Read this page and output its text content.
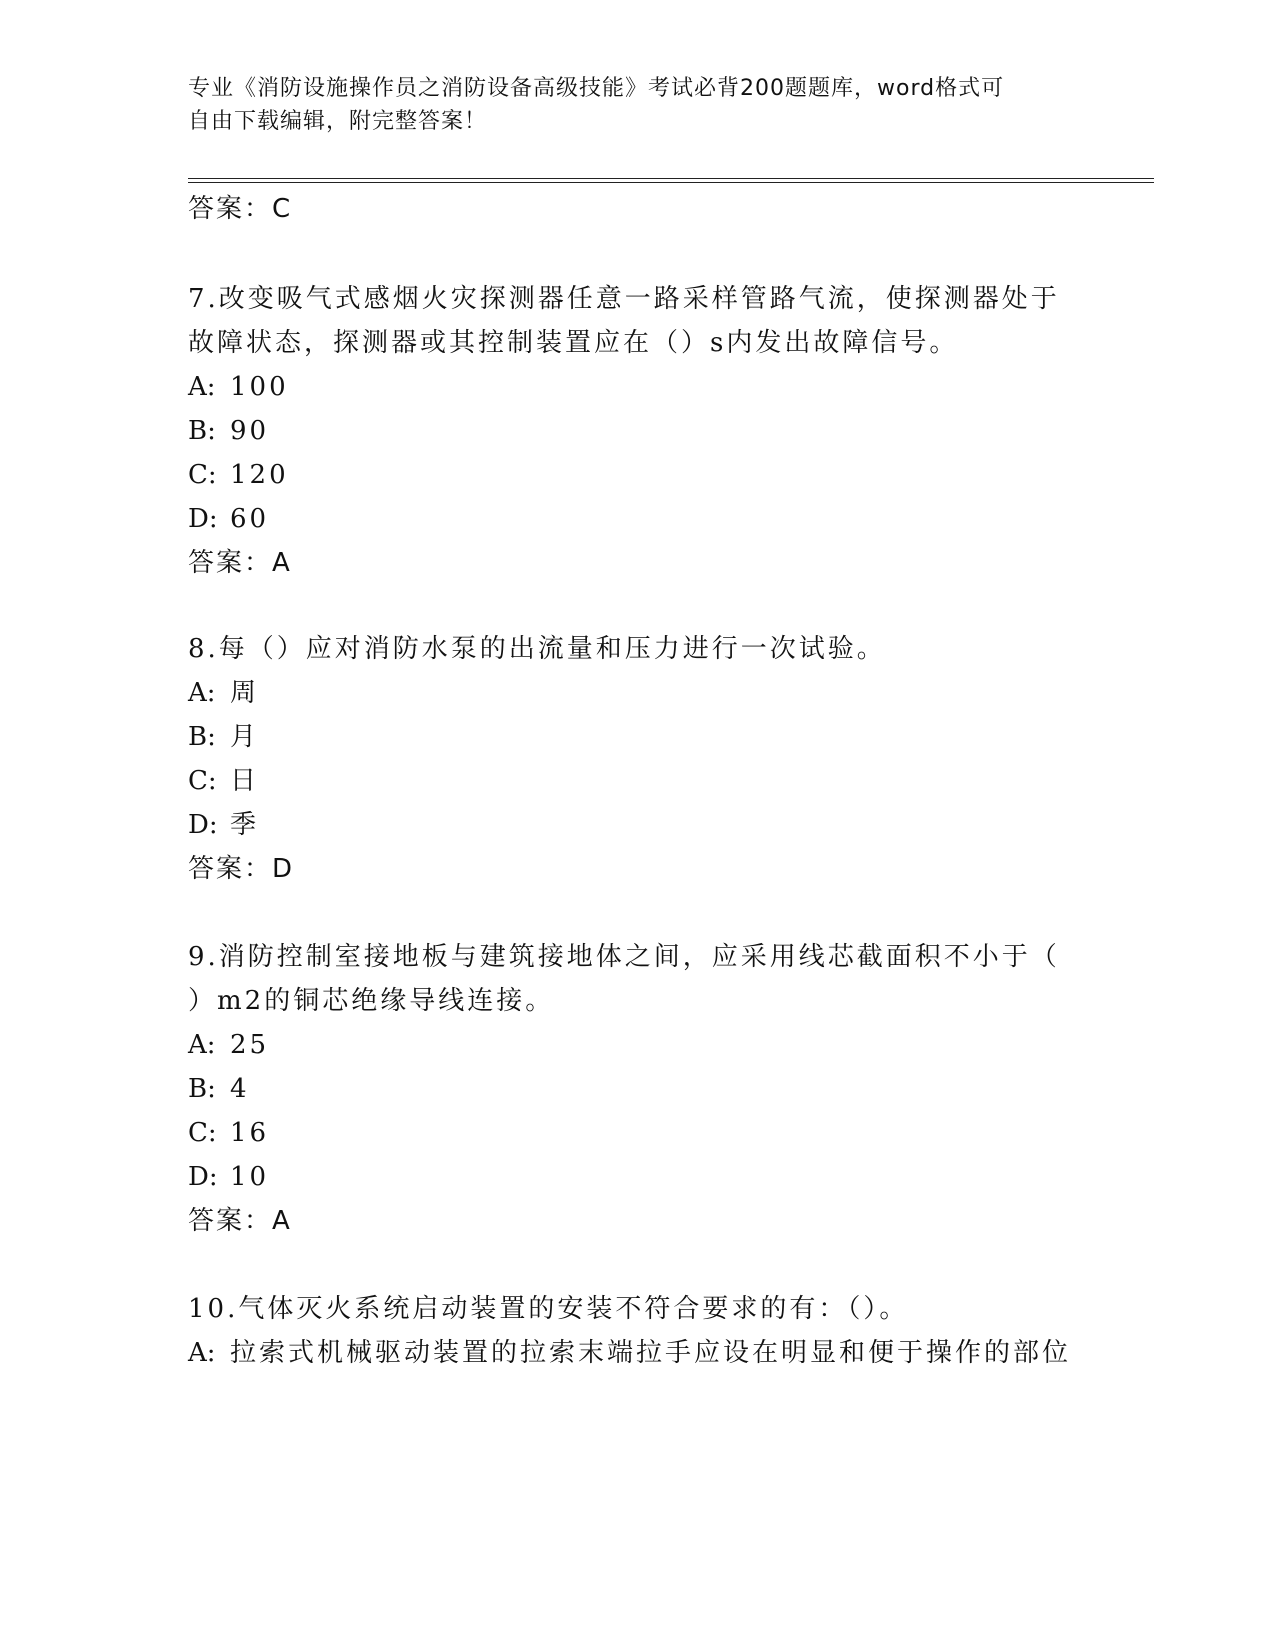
专业《消防设施操作员之消防设备高级技能》考试必背200题题库，word格式可
自由下载编辑，附完整答案！
答案：C
7.改变吸气式感烟火灾探测器任意一路采样管路气流，使探测器处于
故障状态，探测器或其控制装置应在（）s内发出故障信号。
A: 100
B: 90
C: 120
D: 60
答案：A
8.每（）应对消防水泵的出流量和压力进行一次试验。
A: 周
B: 月
C: 日
D: 季
答案：D
9.消防控制室接地板与建筑接地体之间，应采用线芯截面积不小于（
）m2的铜芯绝缘导线连接。
A: 25
B: 4
C: 16
D: 10
答案：A
10.气体灭火系统启动装置的安装不符合要求的有：（）。
A: 拉索式机械驱动装置的拉索末端拉手应设在明显和便于操作的部位
